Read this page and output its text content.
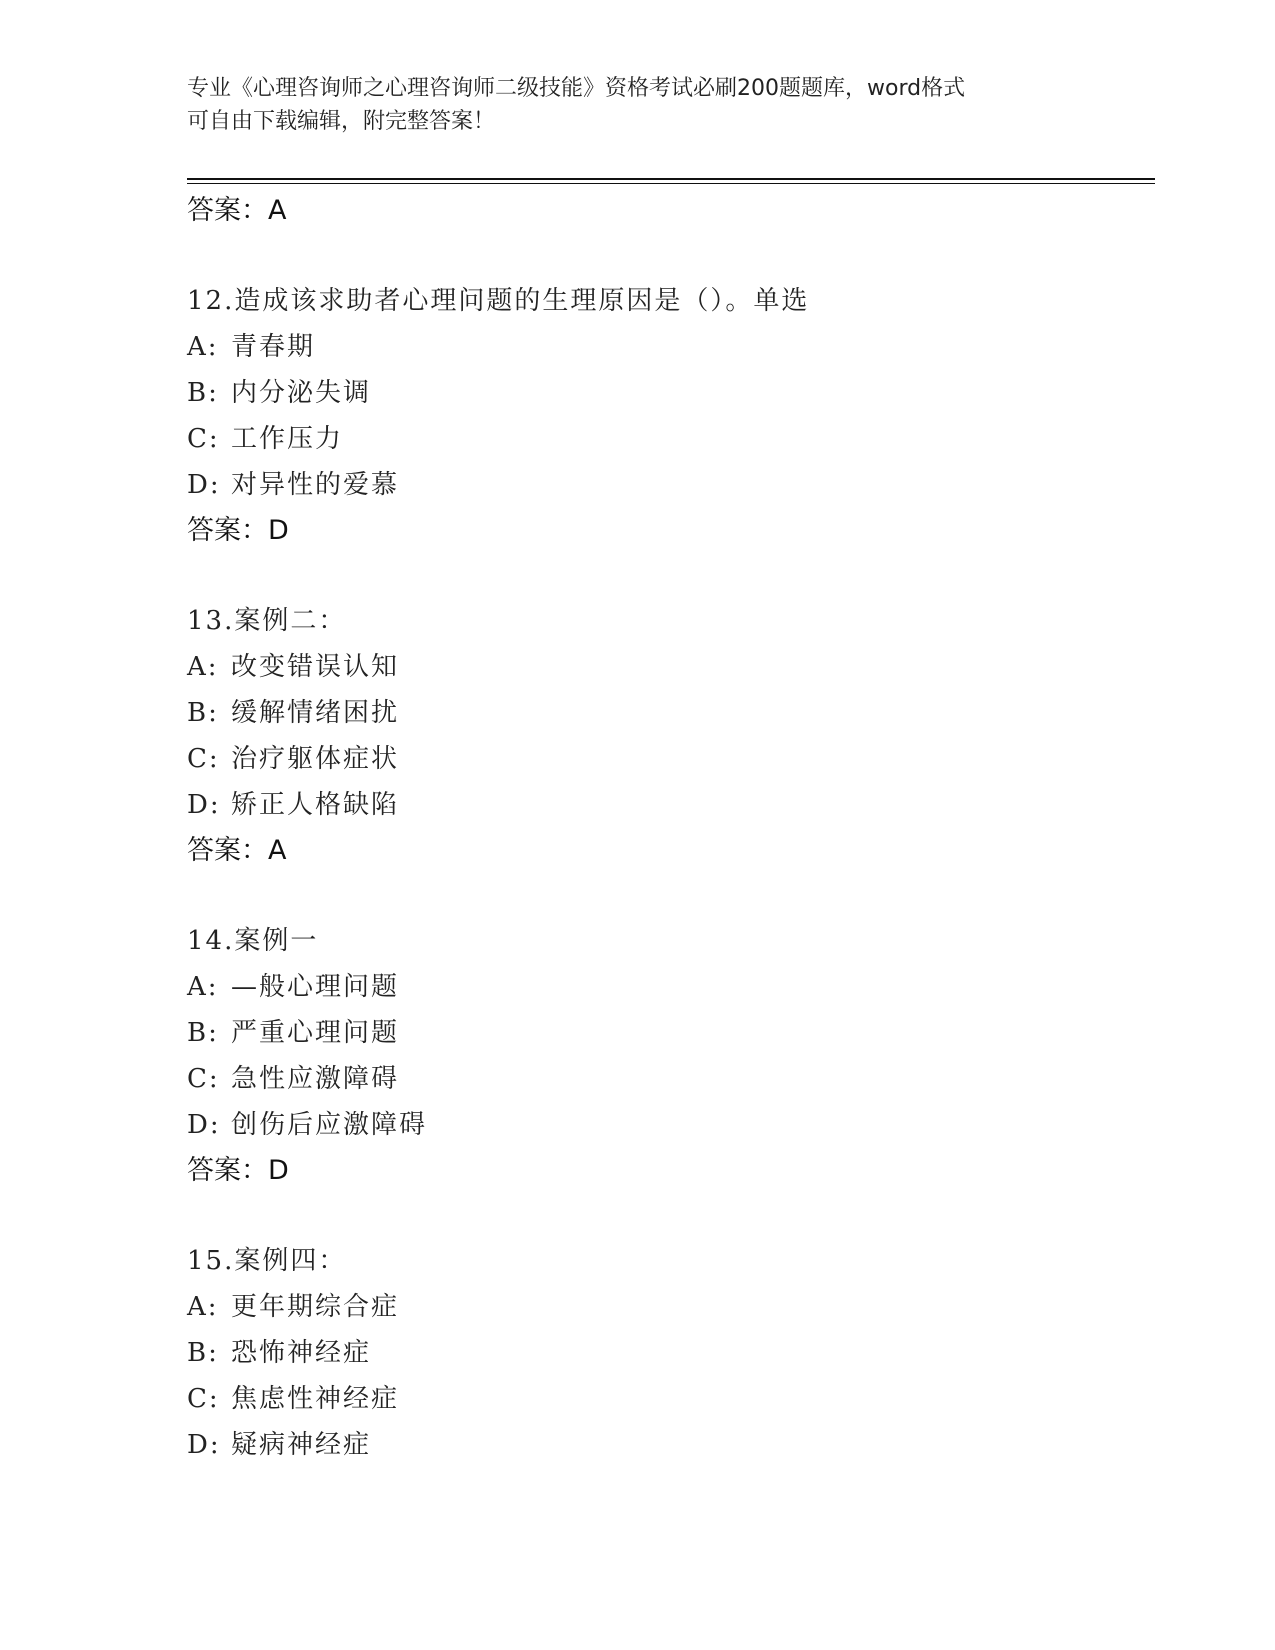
专业《心理咨询师之心理咨询师二级技能》资格考试必刷200题题库，word格式
可自由下载编辑，附完整答案！
答案：A
12.造成该求助者心理问题的生理原因是（）。单选
A: 青春期
B: 内分泌失调
C: 工作压力
D: 对异性的爱慕
答案：D
13.案例二：
A: 改变错误认知
B: 缓解情绪困扰
C: 治疗躯体症状
D: 矫正人格缺陷
答案：A
14.案例一
A: —般心理问题
B: 严重心理问题
C: 急性应激障碍
D: 创伤后应激障碍
答案：D
15.案例四：
A: 更年期综合症
B: 恐怖神经症
C: 焦虑性神经症
D: 疑病神经症
